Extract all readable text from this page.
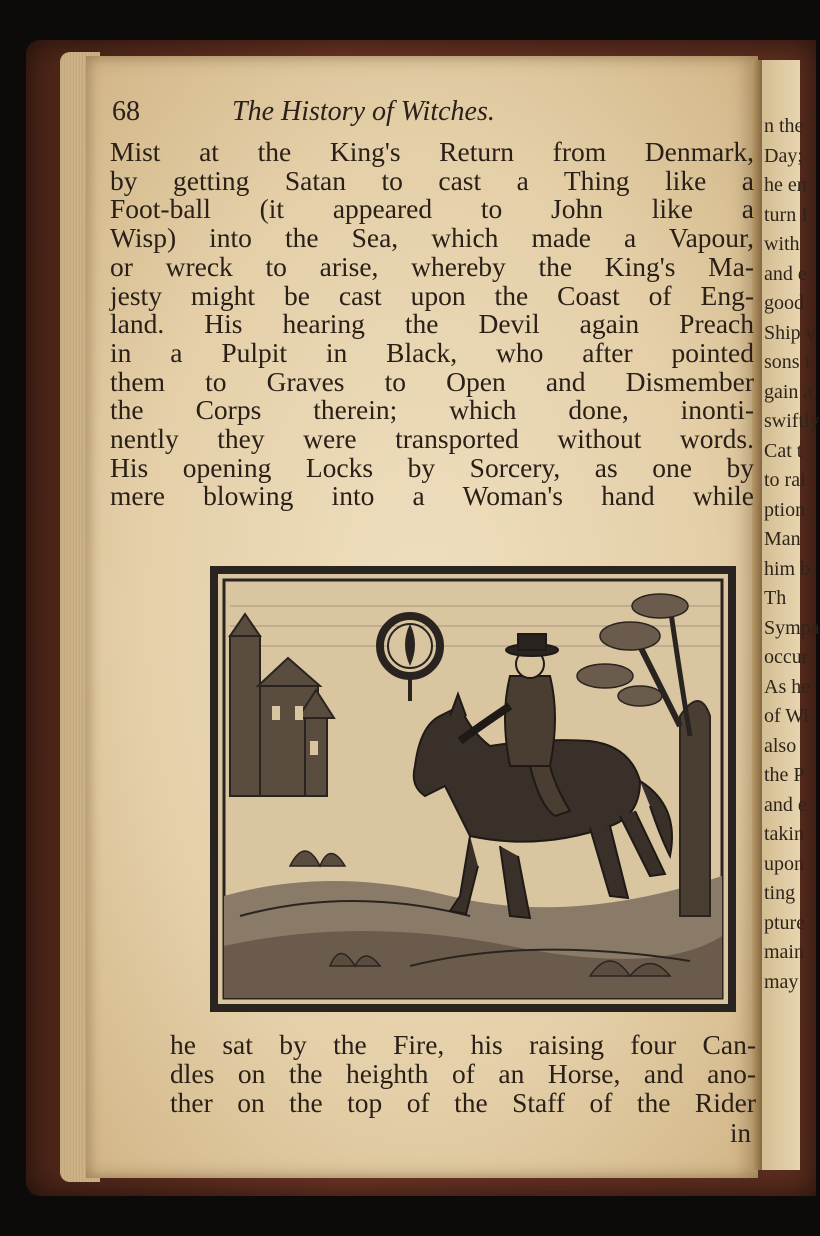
n the
Day;
he en
turn I
with
and e
good
Ship v
sons i
gain a
swiftly
Cat t
to rai
ption
Man
him b
Th
Sympa
occur
As he
of Wi
also
the P
and e
takin
upon
ting
pture
main
may
68	The History of Witches.
Mist at the King's Return from Denmark,
by getting Satan to cast a Thing like a
Foot-ball (it appeared to John like a
Wisp) into the Sea, which made a Vapour,
or wreck to arise, whereby the King's Ma-
jesty might be cast upon the Coast of Eng-
land. His hearing the Devil again Preach
in a Pulpit in Black, who after pointed
them to Graves to Open and Dismember
the Corps therein; which done, inonti-
nently they were transported without words.
His opening Locks by Sorcery, as one by
mere blowing into a Woman's hand while
he sat by the Fire, his raising four Can-
dles on the heighth of an Horse, and ano-
ther on the top of the Staff of the Rider
in
